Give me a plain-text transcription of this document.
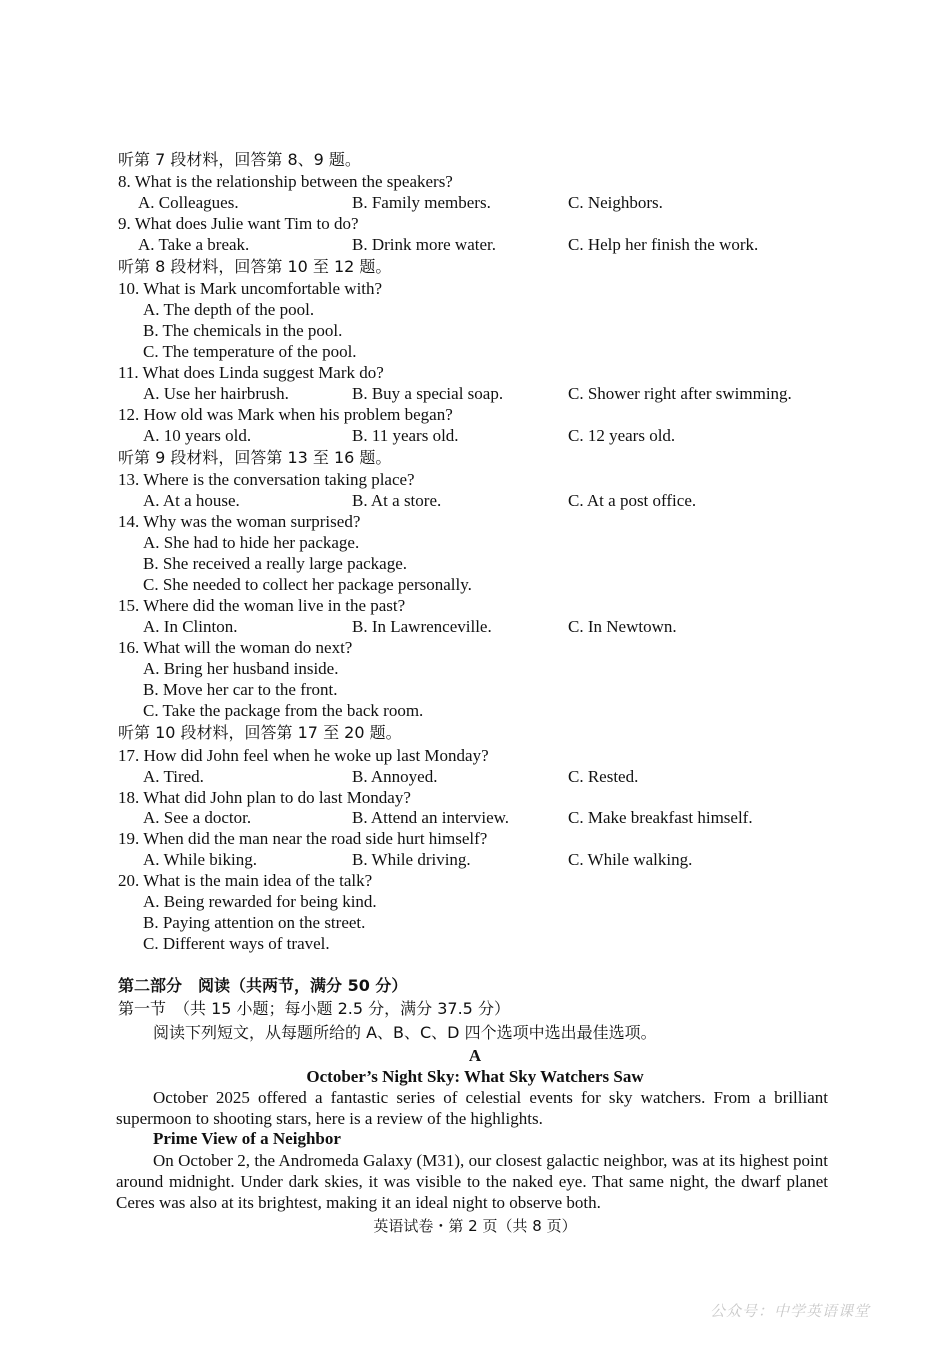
听第 7 段材料，回答第 8、9 题。
8. What is the relationship between the speakers?
A. Colleagues.	B. Family members.	C. Neighbors.
9. What does Julie want Tim to do?
A. Take a break.	B. Drink more water.	C. Help her finish the work.
听第 8 段材料，回答第 10 至 12 题。
10. What is Mark uncomfortable with?
A. The depth of the pool.
B. The chemicals in the pool.
C. The temperature of the pool.
11. What does Linda suggest Mark do?
A. Use her hairbrush.	B. Buy a special soap.	C. Shower right after swimming.
12. How old was Mark when his problem began?
A. 10 years old.	B. 11 years old.	C. 12 years old.
听第 9 段材料，回答第 13 至 16 题。
13. Where is the conversation taking place?
A. At a house.	B. At a store.	C. At a post office.
14. Why was the woman surprised?
A. She had to hide her package.
B. She received a really large package.
C. She needed to collect her package personally.
15. Where did the woman live in the past?
A. In Clinton.	B. In Lawrenceville.	C. In Newtown.
16. What will the woman do next?
A. Bring her husband inside.
B. Move her car to the front.
C. Take the package from the back room.
听第 10 段材料，回答第 17 至 20 题。
17. How did John feel when he woke up last Monday?
A. Tired.	B. Annoyed.	C. Rested.
18. What did John plan to do last Monday?
A. See a doctor.	B. Attend an interview.	C. Make breakfast himself.
19. When did the man near the road side hurt himself?
A. While biking.	B. While driving.	C. While walking.
20. What is the main idea of the talk?
A. Being rewarded for being kind.
B. Paying attention on the street.
C. Different ways of travel.
第二部分　阅读（共两节，满分 50 分）
第一节　（共 15 小题；每小题 2.5 分，满分 37.5 分）
阅读下列短文，从每题所给的 A、B、C、D 四个选项中选出最佳选项。
A
October’s Night Sky: What Sky Watchers Saw
October 2025 offered a fantastic series of celestial events for sky watchers. From a brilliant supermoon to shooting stars, here is a review of the highlights.
Prime View of a Neighbor
On October 2, the Andromeda Galaxy (M31), our closest galactic neighbor, was at its highest point around midnight. Under dark skies, it was visible to the naked eye. That same night, the dwarf planet Ceres was also at its brightest, making it an ideal night to observe both.
英语试卷・第 2 页（共 8 页）
公众号：中学英语课堂
